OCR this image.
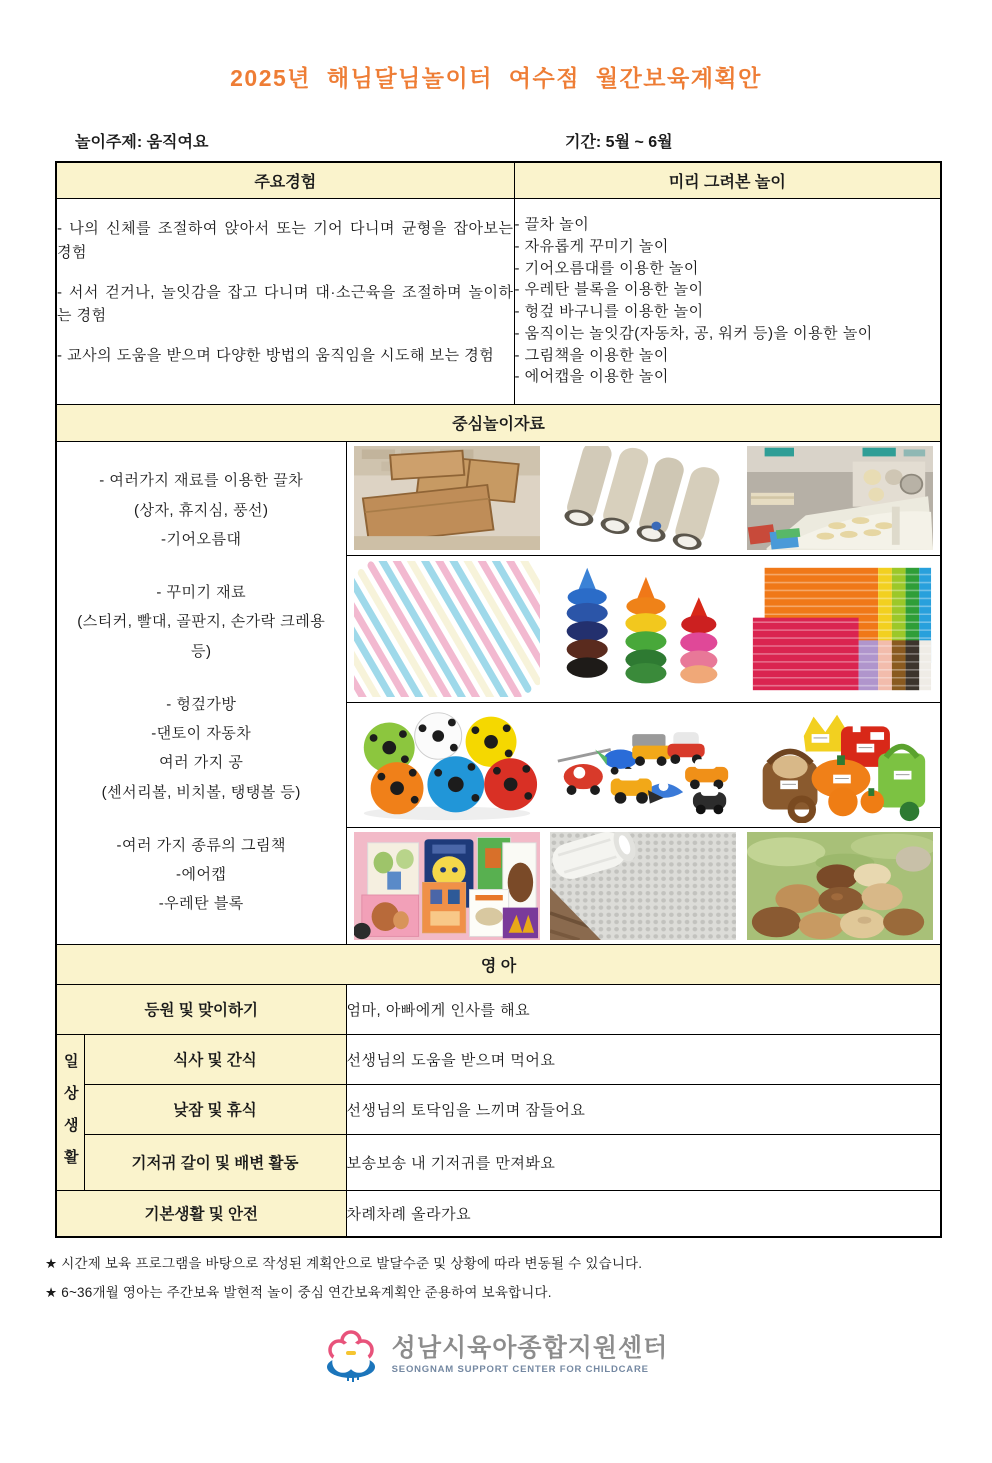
2025년 해님달님놀이터 여수점 월간보육계획안
놀이주제: 움직여요	기간: 5월 ~ 6월
주요경험			미리 그려본 놀이

- 나의 신체를 조절하여 앉아서 또는 기어 다니며 균형을 잡아보는 경험
- 서서 걷거나, 놀잇감을 잡고 다니며 대·소근육을 조절하며 놀이하는 경험
- 교사의 도움을 받으며 다양한 방법의 움직임을 시도해 보는 경험

- 끌차 놀이
- 자유롭게 꾸미기 놀이
- 기어오름대를 이용한 놀이
- 우레탄 블록을 이용한 놀이
- 헝겊 바구니를 이용한 놀이
- 움직이는 놀잇감(자동차, 공, 워커 등)을 이용한 놀이
- 그림책을 이용한 놀이
- 에어캡을 이용한 놀이

중심놀이자료			

- 여러가지 재료를 이용한 끌차
(상자, 휴지심, 풍선)
-기어오름대
- 꾸미기 재료
(스티커, 빨대, 골판지, 손가락 크레용 등)
- 헝겊가방
-댄토이 자동차
여러 가지 공
(센서리볼, 비치볼, 탱탱볼 등)
-여러 가지 종류의 그림책
-에어캡
-우레탄 블록

영 아			
등원 및 맞이하기		엄마, 아빠에게 인사를 해요	

일상생활	식사 및 간식	선생님의 도움을 받으며 먹어요	
	낮잠 및 휴식	선생님의 토닥임을 느끼며 잠들어요	
	기저귀 갈이 및 배변 활동	보송보송 내 기저귀를 만져봐요	
기본생활 및 안전		차례차례 올라가요	
★ 시간제 보육 프로그램을 바탕으로 작성된 계획안으로 발달수준 및 상황에 따라 변동될 수 있습니다.
★ 6~36개월 영아는 주간보육 발현적 놀이 중심 연간보육계획안 준용하여 보육합니다.
성남시육아종합지원센터
SEONGNAM SUPPORT CENTER FOR CHILDCARE
